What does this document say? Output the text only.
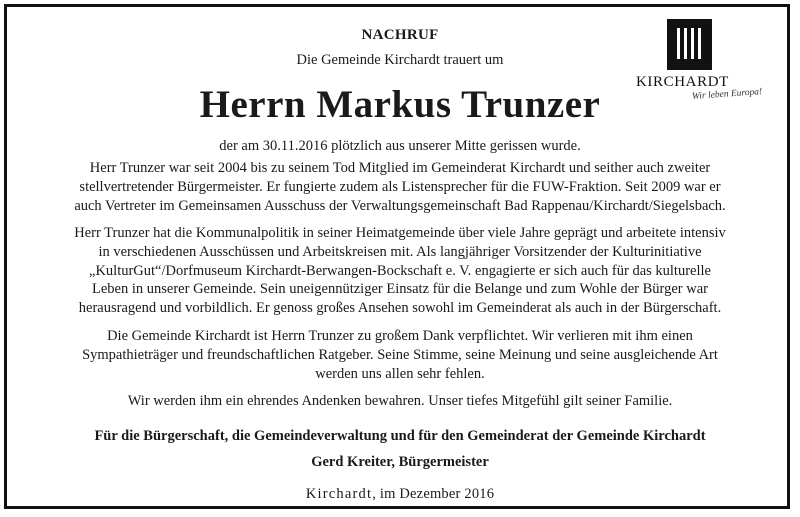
NACHRUF
Die Gemeinde Kirchardt trauert um
Herrn Markus Trunzer
der am 30.11.2016 plötzlich aus unserer Mitte gerissen wurde.
Herr Trunzer war seit 2004 bis zu seinem Tod Mitglied im Gemeinderat Kirchardt und seither auch zweiter
stellvertretender Bürgermeister. Er fungierte zudem als Listensprecher für die FUW-Fraktion. Seit 2009 war er
auch Vertreter im Gemeinsamen Ausschuss der Verwaltungsgemeinschaft Bad Rappenau/Kirchardt/Siegelsbach.
Herr Trunzer hat die Kommunalpolitik in seiner Heimatgemeinde über viele Jahre geprägt und arbeitete intensiv
in verschiedenen Ausschüssen und Arbeitskreisen mit. Als langjähriger Vorsitzender der Kulturinitiative
„KulturGut“/Dorfmuseum Kirchardt-Berwangen-Bockschaft e. V. engagierte er sich auch für das kulturelle
Leben in unserer Gemeinde. Sein uneigennütziger Einsatz für die Belange und zum Wohle der Bürger war
herausragend und vorbildlich. Er genoss großes Ansehen sowohl im Gemeinderat als auch in der Bürgerschaft.
Die Gemeinde Kirchardt ist Herrn Trunzer zu großem Dank verpflichtet. Wir verlieren mit ihm einen
Sympathieträger und freundschaftlichen Ratgeber. Seine Stimme, seine Meinung und seine ausgleichende Art
werden uns allen sehr fehlen.
Wir werden ihm ein ehrendes Andenken bewahren. Unser tiefes Mitgefühl gilt seiner Familie.
Für die Bürgerschaft, die Gemeindeverwaltung und für den Gemeinderat der Gemeinde Kirchardt
Gerd Kreiter, Bürgermeister
Kirchardt, im Dezember 2016
KIRCHARDT
Wir leben Europa!
